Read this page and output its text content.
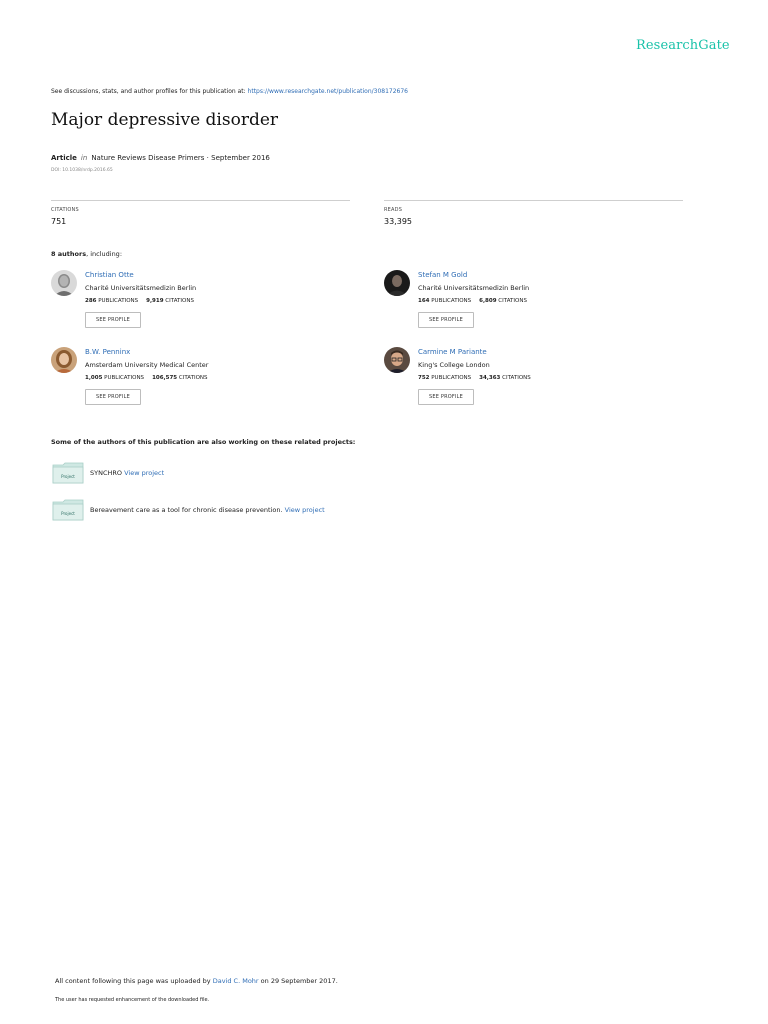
ResearchGate
See discussions, stats, and author profiles for this publication at: https://www.researchgate.net/publication/308172676
Major depressive disorder
Article in Nature Reviews Disease Primers · September 2016
DOI: 10.1038/nrdp.2016.65
CITATIONS
751
READS
33,395
8 authors, including:
Christian Otte
Charité Universitätsmedizin Berlin
286 PUBLICATIONS 9,919 CITATIONS
SEE PROFILE
Stefan M Gold
Charité Universitätsmedizin Berlin
164 PUBLICATIONS 6,809 CITATIONS
SEE PROFILE
B.W. Penninx
Amsterdam University Medical Center
1,005 PUBLICATIONS 106,575 CITATIONS
SEE PROFILE
Carmine M Pariante
King's College London
752 PUBLICATIONS 34,363 CITATIONS
SEE PROFILE
Some of the authors of this publication are also working on these related projects:
Project SYNCHRO View project
Project Bereavement care as a tool for chronic disease prevention. View project
All content following this page was uploaded by David C. Mohr on 29 September 2017.
The user has requested enhancement of the downloaded file.
